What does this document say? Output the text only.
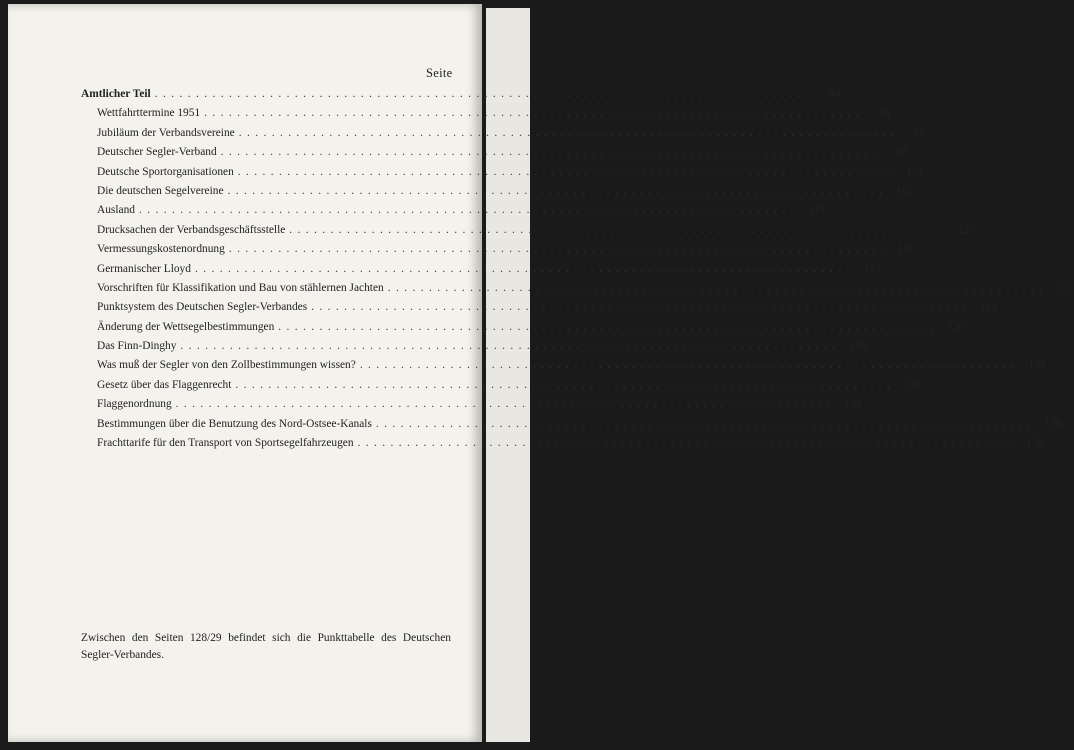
Seite
Amtlicher Teil ................................................................................	94
Wettfahrttermine 1951 ................................................................................	94
Jubiläum der Verbandsvereine ................................................................................	97
Deutscher Segler-Verband ................................................................................	98
Deutsche Sportorganisationen ................................................................................ 101
Die deutschen Segelvereine ................................................................................ 102
Ausland ................................................................................ 118
Drucksachen der Verbandsgeschäftsstelle ................................................................................ 120
Vermessungskostenordnung ................................................................................ 121
Germanischer Lloyd ................................................................................ 123
Vorschriften für Klassifikation und Bau von stählernen Jachten ................................................................................ 123
Punktsystem des Deutschen Segler-Verbandes ................................................................................ 124
Änderung der Wettsegelbestimmungen ................................................................................ 126
Das Finn-Dinghy ................................................................................ 128
Was muß der Segler von den Zollbestimmungen wissen? ................................................................................ 129
Gesetz über das Flaggenrecht ................................................................................ 131
Flaggenordnung ................................................................................ 132
Bestimmungen über die Benutzung des Nord-Ostsee-Kanals ................................................................................ 136
Frachttarife für den Transport von Sportsegelfahrzeugen ................................................................................ 138
Zwischen den Seiten 128/29 befindet sich die Punkttabelle des Deutschen Segler-Verbandes.
